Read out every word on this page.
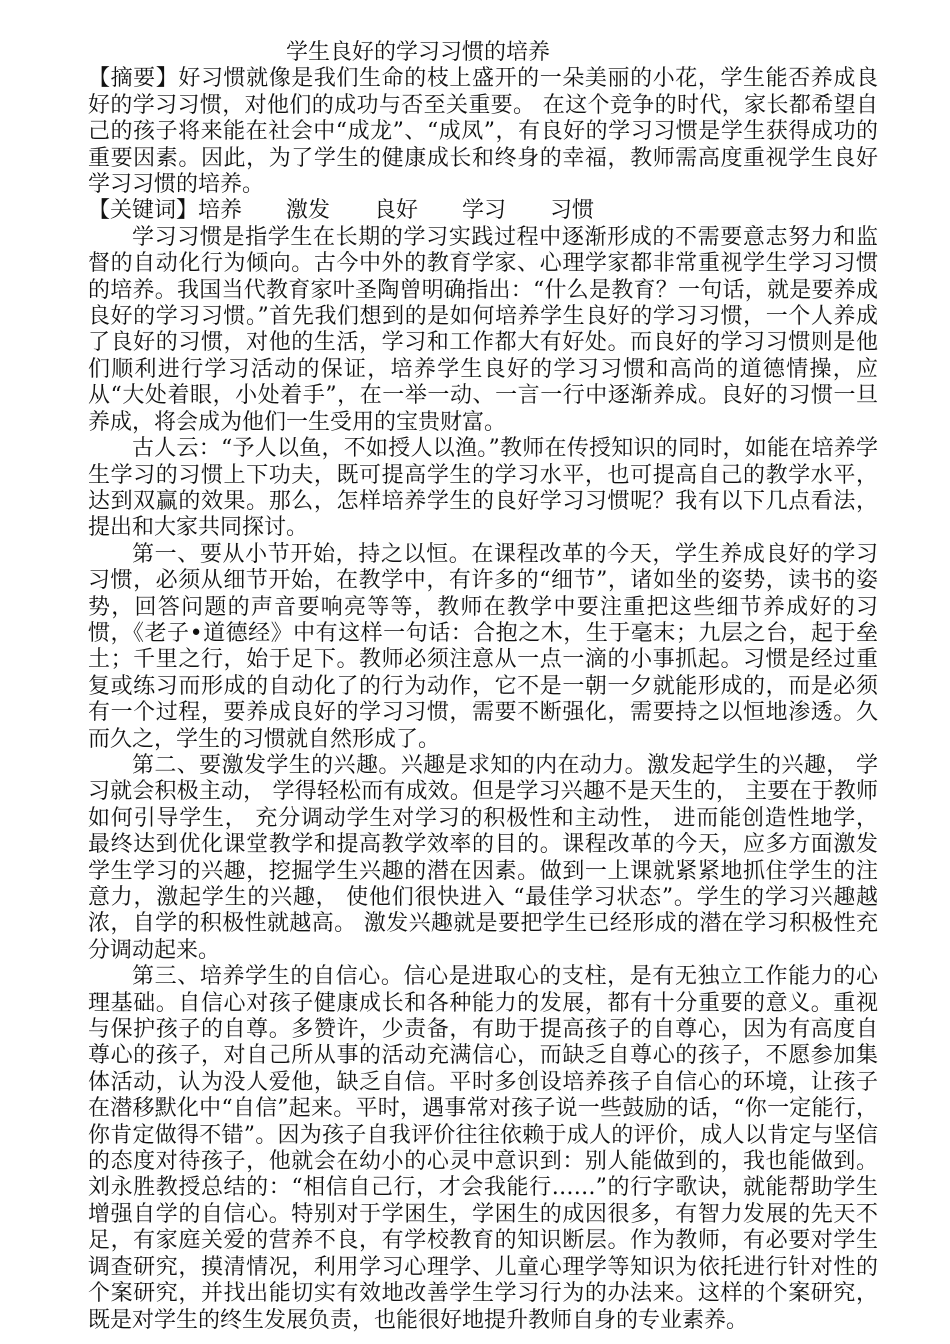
学生良好的学习习惯的培养

【摘要】好习惯就像是我们生命的枝上盛开的一朵美丽的小花，学生能否养成良好的学习习惯，对他们的成功与否至关重要。 在这个竞争的时代，家长都希望自己的孩子将来能在社会中“成龙”、“成凤”，有良好的学习习惯是学生获得成功的重要因素。因此，为了学生的健康成长和终身的幸福，教师需高度重视学生良好学习习惯的培养。

【关键词】 培养	激发	良好	学习	习惯

学习习惯是指学生在长期的学习实践过程中逐渐形成的不需要意志努力和监督的自动化行为倾向。古今中外的教育学家、心理学家都非常重视学生学习习惯的培养。我国当代教育家叶圣陶曾明确指出：“什么是教育？一句话，就是要养成良好的学习习惯。”首先我们想到的是如何培养学生良好的学习习惯，一个人养成了良好的习惯，对他的生活，学习和工作都大有好处。而良好的学习习惯则是他们顺利进行学习活动的保证，培养学生良好的学习习惯和高尚的道德情操，应从“大处着眼，小处着手”，在一举一动、一言一行中逐渐养成。良好的习惯一旦养成，将会成为他们一生受用的宝贵财富。

古人云：“予人以鱼，不如授人以渔。”教师在传授知识的同时，如能在培养学生学习的习惯上下功夫，既可提高学生的学习水平，也可提高自己的教学水平，达到双赢的效果。那么，怎样培养学生的良好学习习惯呢？我有以下几点看法，提出和大家共同探讨。

第一、要从小节开始，持之以恒。在课程改革的今天，学生养成良好的学习习惯，必须从细节开始，在教学中，有许多的“细节”，诸如坐的姿势，读书的姿势，回答问题的声音要响亮等等，教师在教学中要注重把这些细节养成好的习惯，《老子•道德经》中有这样一句话：合抱之木，生于毫末；九层之台，起于垒土；千里之行，始于足下。教师必须注意从一点一滴的小事抓起。习惯是经过重复或练习而形成的自动化了的行为动作，它不是一朝一夕就能形成的，而是必须有一个过程，要养成良好的学习习惯，需要不断强化，需要持之以恒地渗透。久而久之，学生的习惯就自然形成了。

第二、要激发学生的兴趣。兴趣是求知的内在动力。激发起学生的兴趣， 学习就会积极主动， 学得轻松而有成效。但是学习兴趣不是天生的， 主要在于教师如何引导学生， 充分调动学生对学习的积极性和主动性， 进而能创造性地学， 最终达到优化课堂教学和提高教学效率的目的。课程改革的今天，应多方面激发学生学习的兴趣，挖掘学生兴趣的潜在因素。做到一上课就紧紧地抓住学生的注意力，激起学生的兴趣， 使他们很快进入 “最佳学习状态”。学生的学习兴趣越浓，自学的积极性就越高。 激发兴趣就是要把学生已经形成的潜在学习积极性充分调动起来。

第三、培养学生的自信心。信心是进取心的支柱，是有无独立工作能力的心理基础。自信心对孩子健康成长和各种能力的发展，都有十分重要的意义。重视与保护孩子的自尊。多赞许，少责备，有助于提高孩子的自尊心，因为有高度自尊心的孩子，对自己所从事的活动充满信心，而缺乏自尊心的孩子，不愿参加集体活动，认为没人爱他，缺乏自信。平时多创设培养孩子自信心的环境，让孩子在潜移默化中“自信”起来。平时，遇事常对孩子说一些鼓励的话，“你一定能行，你肯定做得不错”。因为孩子自我评价往往依赖于成人的评价，成人以肯定与坚信的态度对待孩子，他就会在幼小的心灵中意识到：别人能做到的，我也能做到。刘永胜教授总结的：“相信自己行，才会我能行……”的行字歌诀，就能帮助学生增强自学的自信心。特别对于学困生，学困生的成因很多，有智力发展的先天不足，有家庭关爱的营养不良，有学校教育的知识断层。作为教师，有必要对学生调查研究，摸清情况，利用学习心理学、儿童心理学等知识为依托进行针对性的个案研究，并找出能切实有效地改善学生学习行为的办法来。这样的个案研究，既是对学生的终生发展负责，也能很好地提升教师自身的专业素养。
